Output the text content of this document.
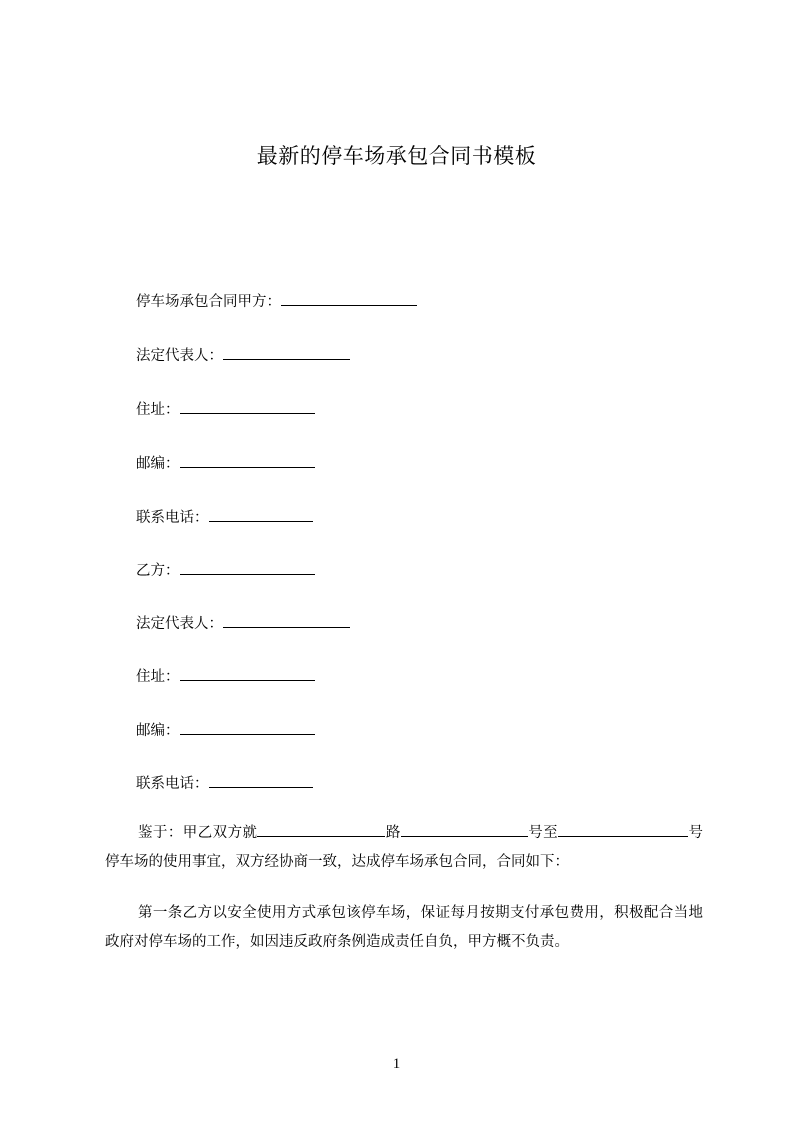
最新的停车场承包合同书模板
停车场承包合同甲方：
法定代表人：
住址：
邮编：
联系电话：
乙方：
法定代表人：
住址：
邮编：
联系电话：
鉴于：甲乙双方就	路	号至	号停车场的使用事宜，双方经协商一致，达成停车场承包合同，合同如下：
第一条乙方以安全使用方式承包该停车场，保证每月按期支付承包费用，积极配合当地政府对停车场的工作，如因违反政府条例造成责任自负，甲方概不负责。
1
